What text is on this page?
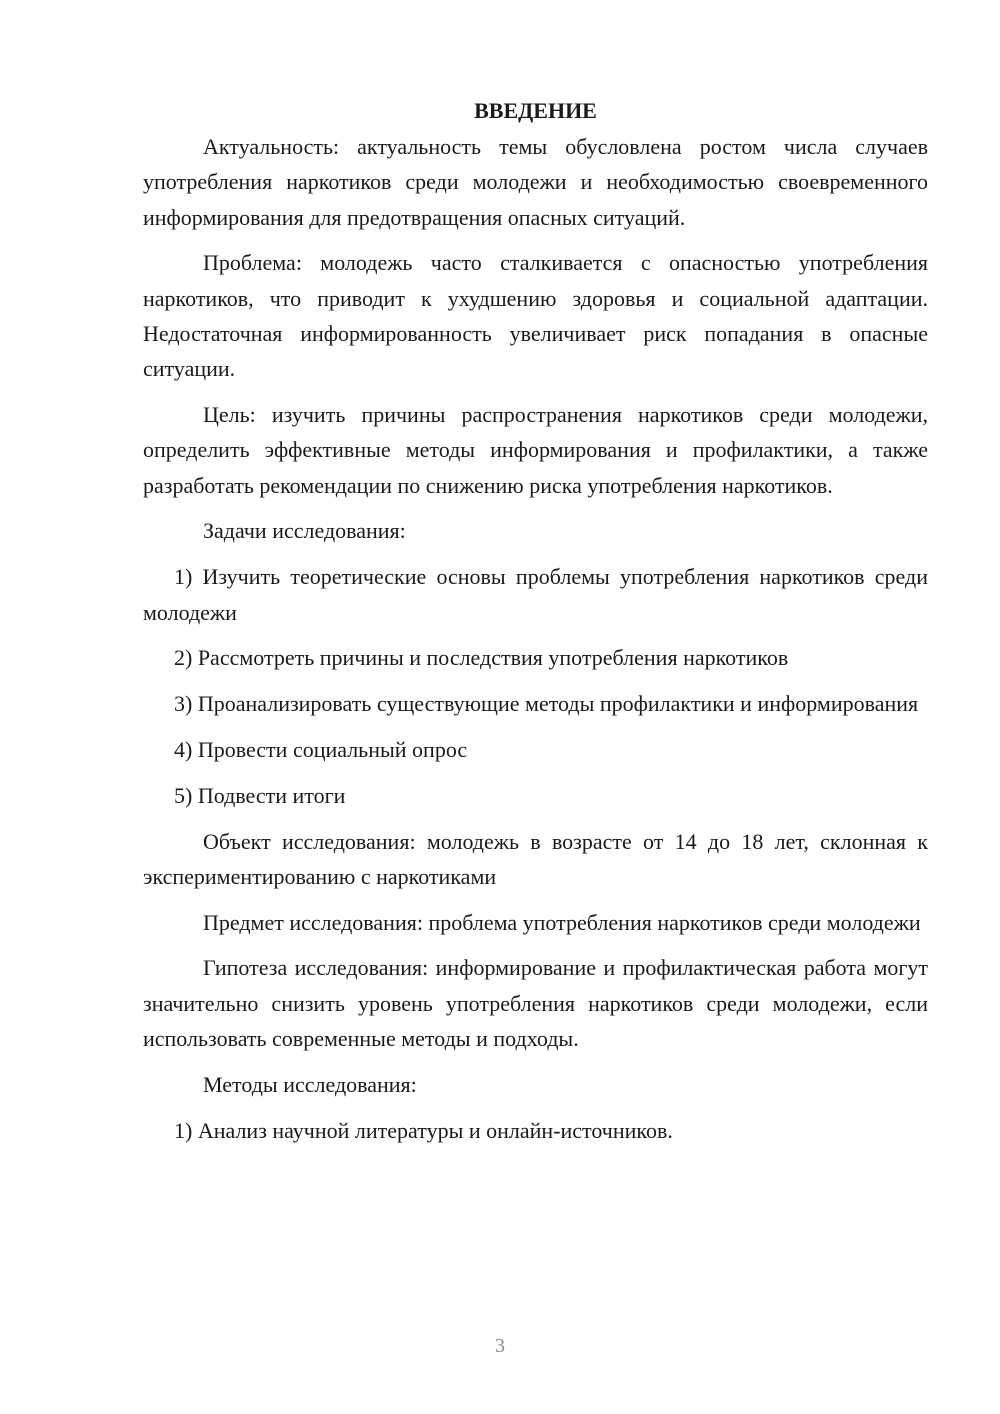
ВВЕДЕНИЕ

Актуальность: актуальность темы обусловлена ростом числа случаев употребления наркотиков среди молодежи и необходимостью своевременного информирования для предотвращения опасных ситуаций.

Проблема: молодежь часто сталкивается с опасностью употребления наркотиков, что приводит к ухудшению здоровья и социальной адаптации. Недостаточная информированность увеличивает риск попадания в опасные ситуации.

Цель: изучить причины распространения наркотиков среди молодежи, определить эффективные методы информирования и профилактики, а также разработать рекомендации по снижению риска употребления наркотиков.

Задачи исследования:

1) Изучить теоретические основы проблемы употребления наркотиков среди молодежи

2) Рассмотреть причины и последствия употребления наркотиков

3) Проанализировать существующие методы профилактики и информирования

4) Провести социальный опрос

5) Подвести итоги

Объект исследования: молодежь в возрасте от 14 до 18 лет, склонная к экспериментированию с наркотиками

Предмет исследования: проблема употребления наркотиков среди молодежи

Гипотеза исследования: информирование и профилактическая работа могут значительно снизить уровень употребления наркотиков среди молодежи, если использовать современные методы и подходы.

Методы исследования:

1) Анализ научной литературы и онлайн-источников.

3
